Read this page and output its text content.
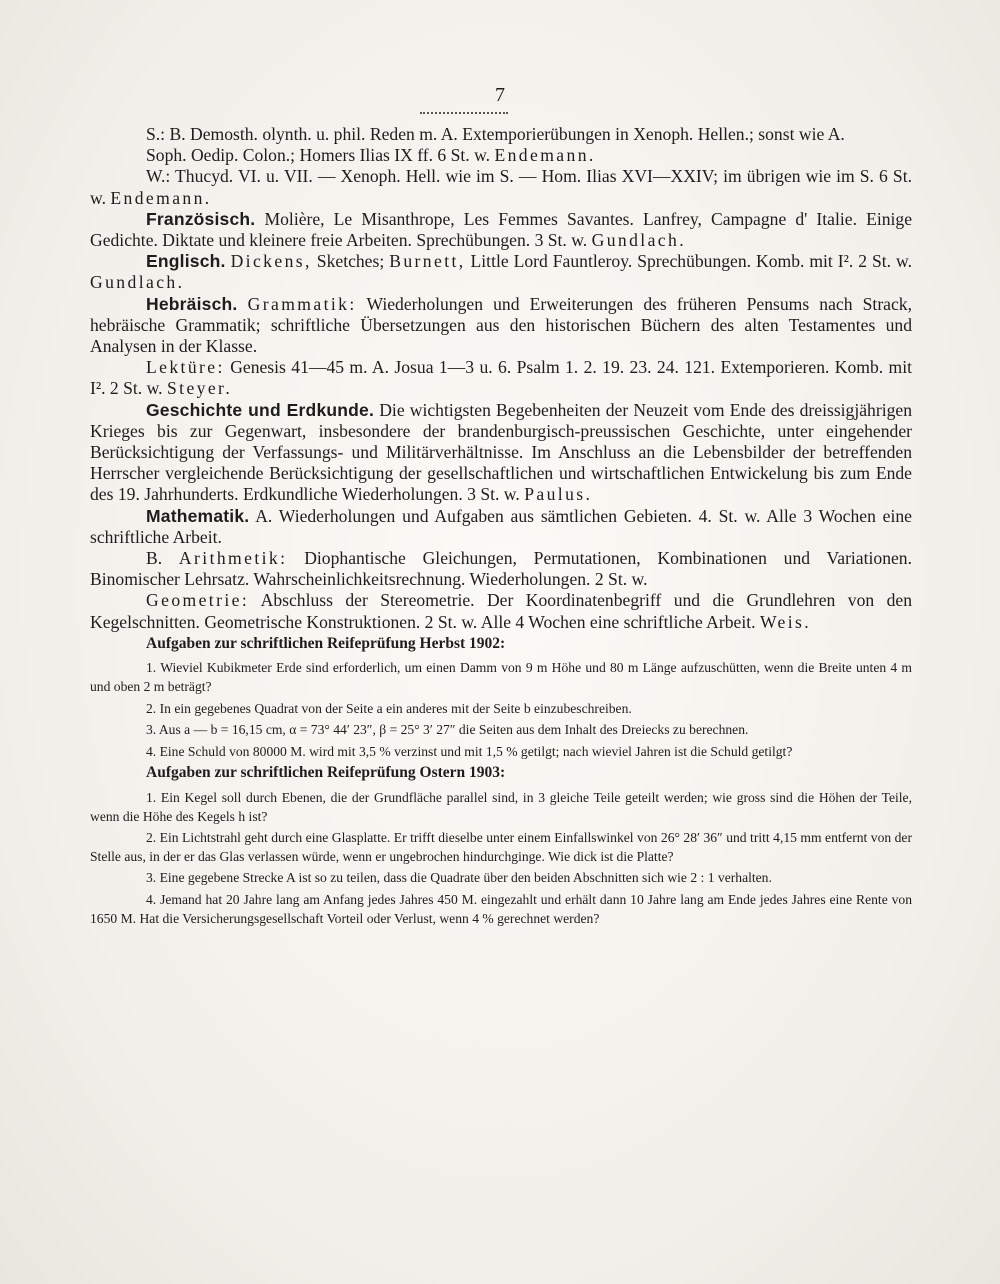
7

S.: B. Demosth. olynth. u. phil. Reden m. A. Extemporierübungen in Xenoph. Hellen.; sonst wie A.

Soph. Oedip. Colon.; Homers Ilias IX ff. 6 St. w. Endemann.

W.: Thucyd. VI. u. VII. — Xenoph. Hell. wie im S. — Hom. Ilias XVI—XXIV; im übrigen wie im S. 6 St. w. Endemann.

Französisch. Molière, Le Misanthrope, Les Femmes Savantes. Lanfrey, Campagne d' Italie. Einige Gedichte. Diktate und kleinere freie Arbeiten. Sprechübungen. 3 St. w. Gundlach.

Englisch. Dickens, Sketches; Burnett, Little Lord Fauntleroy. Sprechübungen. Komb. mit I². 2 St. w. Gundlach.

Hebräisch. Grammatik: Wiederholungen und Erweiterungen des früheren Pensums nach Strack, hebräische Grammatik; schriftliche Übersetzungen aus den historischen Büchern des alten Testamentes und Analysen in der Klasse.

Lektüre: Genesis 41—45 m. A. Josua 1—3 u. 6. Psalm 1. 2. 19. 23. 24. 121. Extemporieren. Komb. mit I². 2 St. w. Steyer.

Geschichte und Erdkunde. Die wichtigsten Begebenheiten der Neuzeit vom Ende des dreissigjährigen Krieges bis zur Gegenwart, insbesondere der brandenburgisch-preussischen Geschichte, unter eingehender Berücksichtigung der Verfassungs- und Militärverhältnisse. Im Anschluss an die Lebensbilder der betreffenden Herrscher vergleichende Berücksichtigung der gesellschaftlichen und wirtschaftlichen Entwickelung bis zum Ende des 19. Jahrhunderts. Erdkundliche Wiederholungen. 3 St. w. Paulus.

Mathematik. A. Wiederholungen und Aufgaben aus sämtlichen Gebieten. 4. St. w. Alle 3 Wochen eine schriftliche Arbeit.

B. Arithmetik: Diophantische Gleichungen, Permutationen, Kombinationen und Variationen. Binomischer Lehrsatz. Wahrscheinlichkeitsrechnung. Wiederholungen. 2 St. w.

Geometrie: Abschluss der Stereometrie. Der Koordinatenbegriff und die Grundlehren von den Kegelschnitten. Geometrische Konstruktionen. 2 St. w. Alle 4 Wochen eine schriftliche Arbeit. Weis.

Aufgaben zur schriftlichen Reifeprüfung Herbst 1902:

1. Wieviel Kubikmeter Erde sind erforderlich, um einen Damm von 9 m Höhe und 80 m Länge aufzuschütten, wenn die Breite unten 4 m und oben 2 m beträgt?

2. In ein gegebenes Quadrat von der Seite a ein anderes mit der Seite b einzubeschreiben.

3. Aus a — b = 16,15 cm, α = 73° 44′ 23″, β = 25° 3′ 27″ die Seiten aus dem Inhalt des Dreiecks zu berechnen.

4. Eine Schuld von 80000 M. wird mit 3,5 % verzinst und mit 1,5 % getilgt; nach wieviel Jahren ist die Schuld getilgt?

Aufgaben zur schriftlichen Reifeprüfung Ostern 1903:

1. Ein Kegel soll durch Ebenen, die der Grundfläche parallel sind, in 3 gleiche Teile geteilt werden; wie gross sind die Höhen der Teile, wenn die Höhe des Kegels h ist?

2. Ein Lichtstrahl geht durch eine Glasplatte. Er trifft dieselbe unter einem Einfallswinkel von 26° 28′ 36″ und tritt 4,15 mm entfernt von der Stelle aus, in der er das Glas verlassen würde, wenn er ungebrochen hindurchginge. Wie dick ist die Platte?

3. Eine gegebene Strecke A ist so zu teilen, dass die Quadrate über den beiden Abschnitten sich wie 2 : 1 verhalten.

4. Jemand hat 20 Jahre lang am Anfang jedes Jahres 450 M. eingezahlt und erhält dann 10 Jahre lang am Ende jedes Jahres eine Rente von 1650 M. Hat die Versicherungsgesellschaft Vorteil oder Verlust, wenn 4 % gerechnet werden?
